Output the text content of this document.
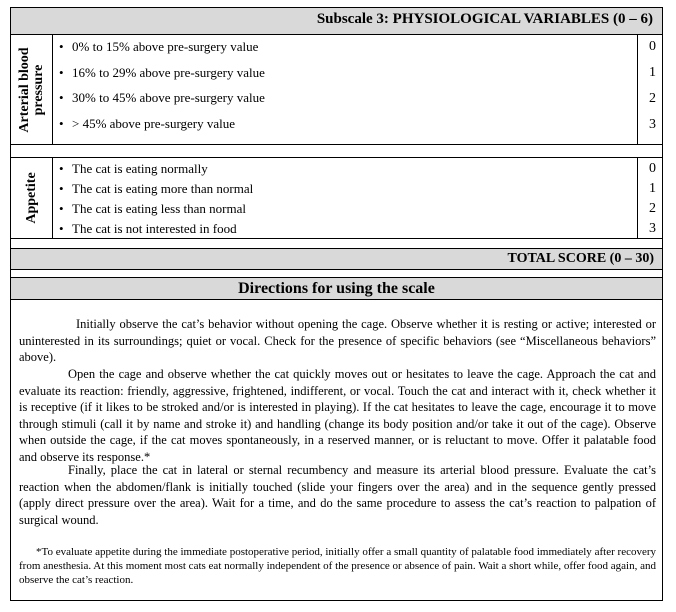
Subscale 3: PHYSIOLOGICAL VARIABLES (0 – 6)
Arterial blood pressure
• 0% to 15% above pre-surgery value
• 16% to 29% above pre-surgery value
• 30% to 45% above pre-surgery value
• > 45% above pre-surgery value
0
1
2
3
Appetite
• The cat is eating normally
• The cat is eating more than normal
• The cat is eating less than normal
• The cat is not interested in food
0
1
2
3
TOTAL SCORE (0 – 30)
Directions for using the scale

Initially observe the cat’s behavior without opening the cage. Observe whether it is resting or active; interested or uninterested in its surroundings; quiet or vocal. Check for the presence of specific behaviors (see “Miscellaneous behaviors” above).

Open the cage and observe whether the cat quickly moves out or hesitates to leave the cage. Approach the cat and evaluate its reaction: friendly, aggressive, frightened, indifferent, or vocal. Touch the cat and interact with it, check whether it is receptive (if it likes to be stroked and/or is interested in playing). If the cat hesitates to leave the cage, encourage it to move through stimuli (call it by name and stroke it) and handling (change its body position and/or take it out of the cage). Observe when outside the cage, if the cat moves spontaneously, in a reserved manner, or is reluctant to move. Offer it palatable food and observe its response.*

Finally, place the cat in lateral or sternal recumbency and measure its arterial blood pressure. Evaluate the cat’s reaction when the abdomen/flank is initially touched (slide your fingers over the area) and in the sequence gently pressed (apply direct pressure over the area). Wait for a time, and do the same procedure to assess the cat’s reaction to palpation of surgical wound.

*To evaluate appetite during the immediate postoperative period, initially offer a small quantity of palatable food immediately after recovery from anesthesia. At this moment most cats eat normally independent of the presence or absence of pain. Wait a short while, offer food again, and observe the cat’s reaction.
